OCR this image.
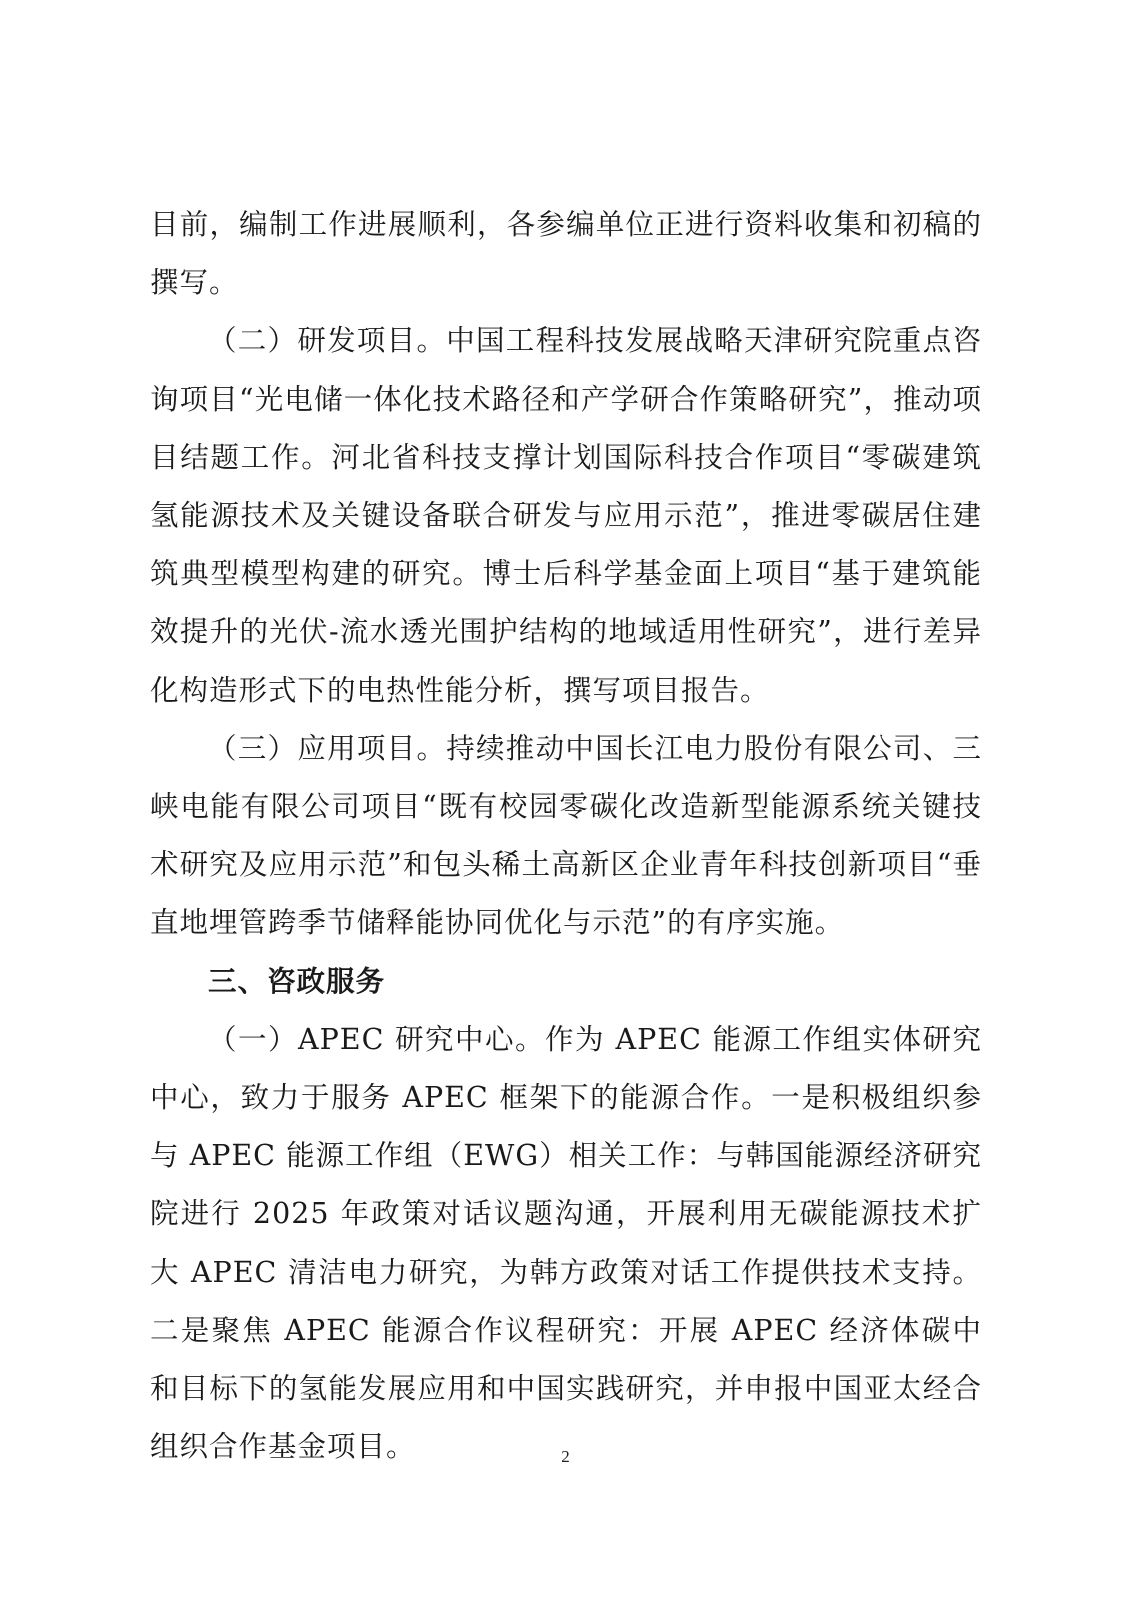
目前，编制工作进展顺利，各参编单位正进行资料收集和初稿的撰写。

（二）研发项目。中国工程科技发展战略天津研究院重点咨询项目“光电储一体化技术路径和产学研合作策略研究”，推动项目结题工作。河北省科技支撑计划国际科技合作项目“零碳建筑氢能源技术及关键设备联合研发与应用示范”，推进零碳居住建筑典型模型构建的研究。博士后科学基金面上项目“基于建筑能效提升的光伏-流水透光围护结构的地域适用性研究”，进行差异化构造形式下的电热性能分析，撰写项目报告。

（三）应用项目。持续推动中国长江电力股份有限公司、三峡电能有限公司项目“既有校园零碳化改造新型能源系统关键技术研究及应用示范”和包头稀土高新区企业青年科技创新项目“垂直地埋管跨季节储释能协同优化与示范”的有序实施。

三、咨政服务

（一）APEC 研究中心。作为 APEC 能源工作组实体研究中心，致力于服务 APEC 框架下的能源合作。一是积极组织参与 APEC 能源工作组（EWG）相关工作：与韩国能源经济研究院进行 2025 年政策对话议题沟通，开展利用无碳能源技术扩大 APEC 清洁电力研究，为韩方政策对话工作提供技术支持。二是聚焦 APEC 能源合作议程研究：开展 APEC 经济体碳中和目标下的氢能发展应用和中国实践研究，并申报中国亚太经合组织合作基金项目。	2
